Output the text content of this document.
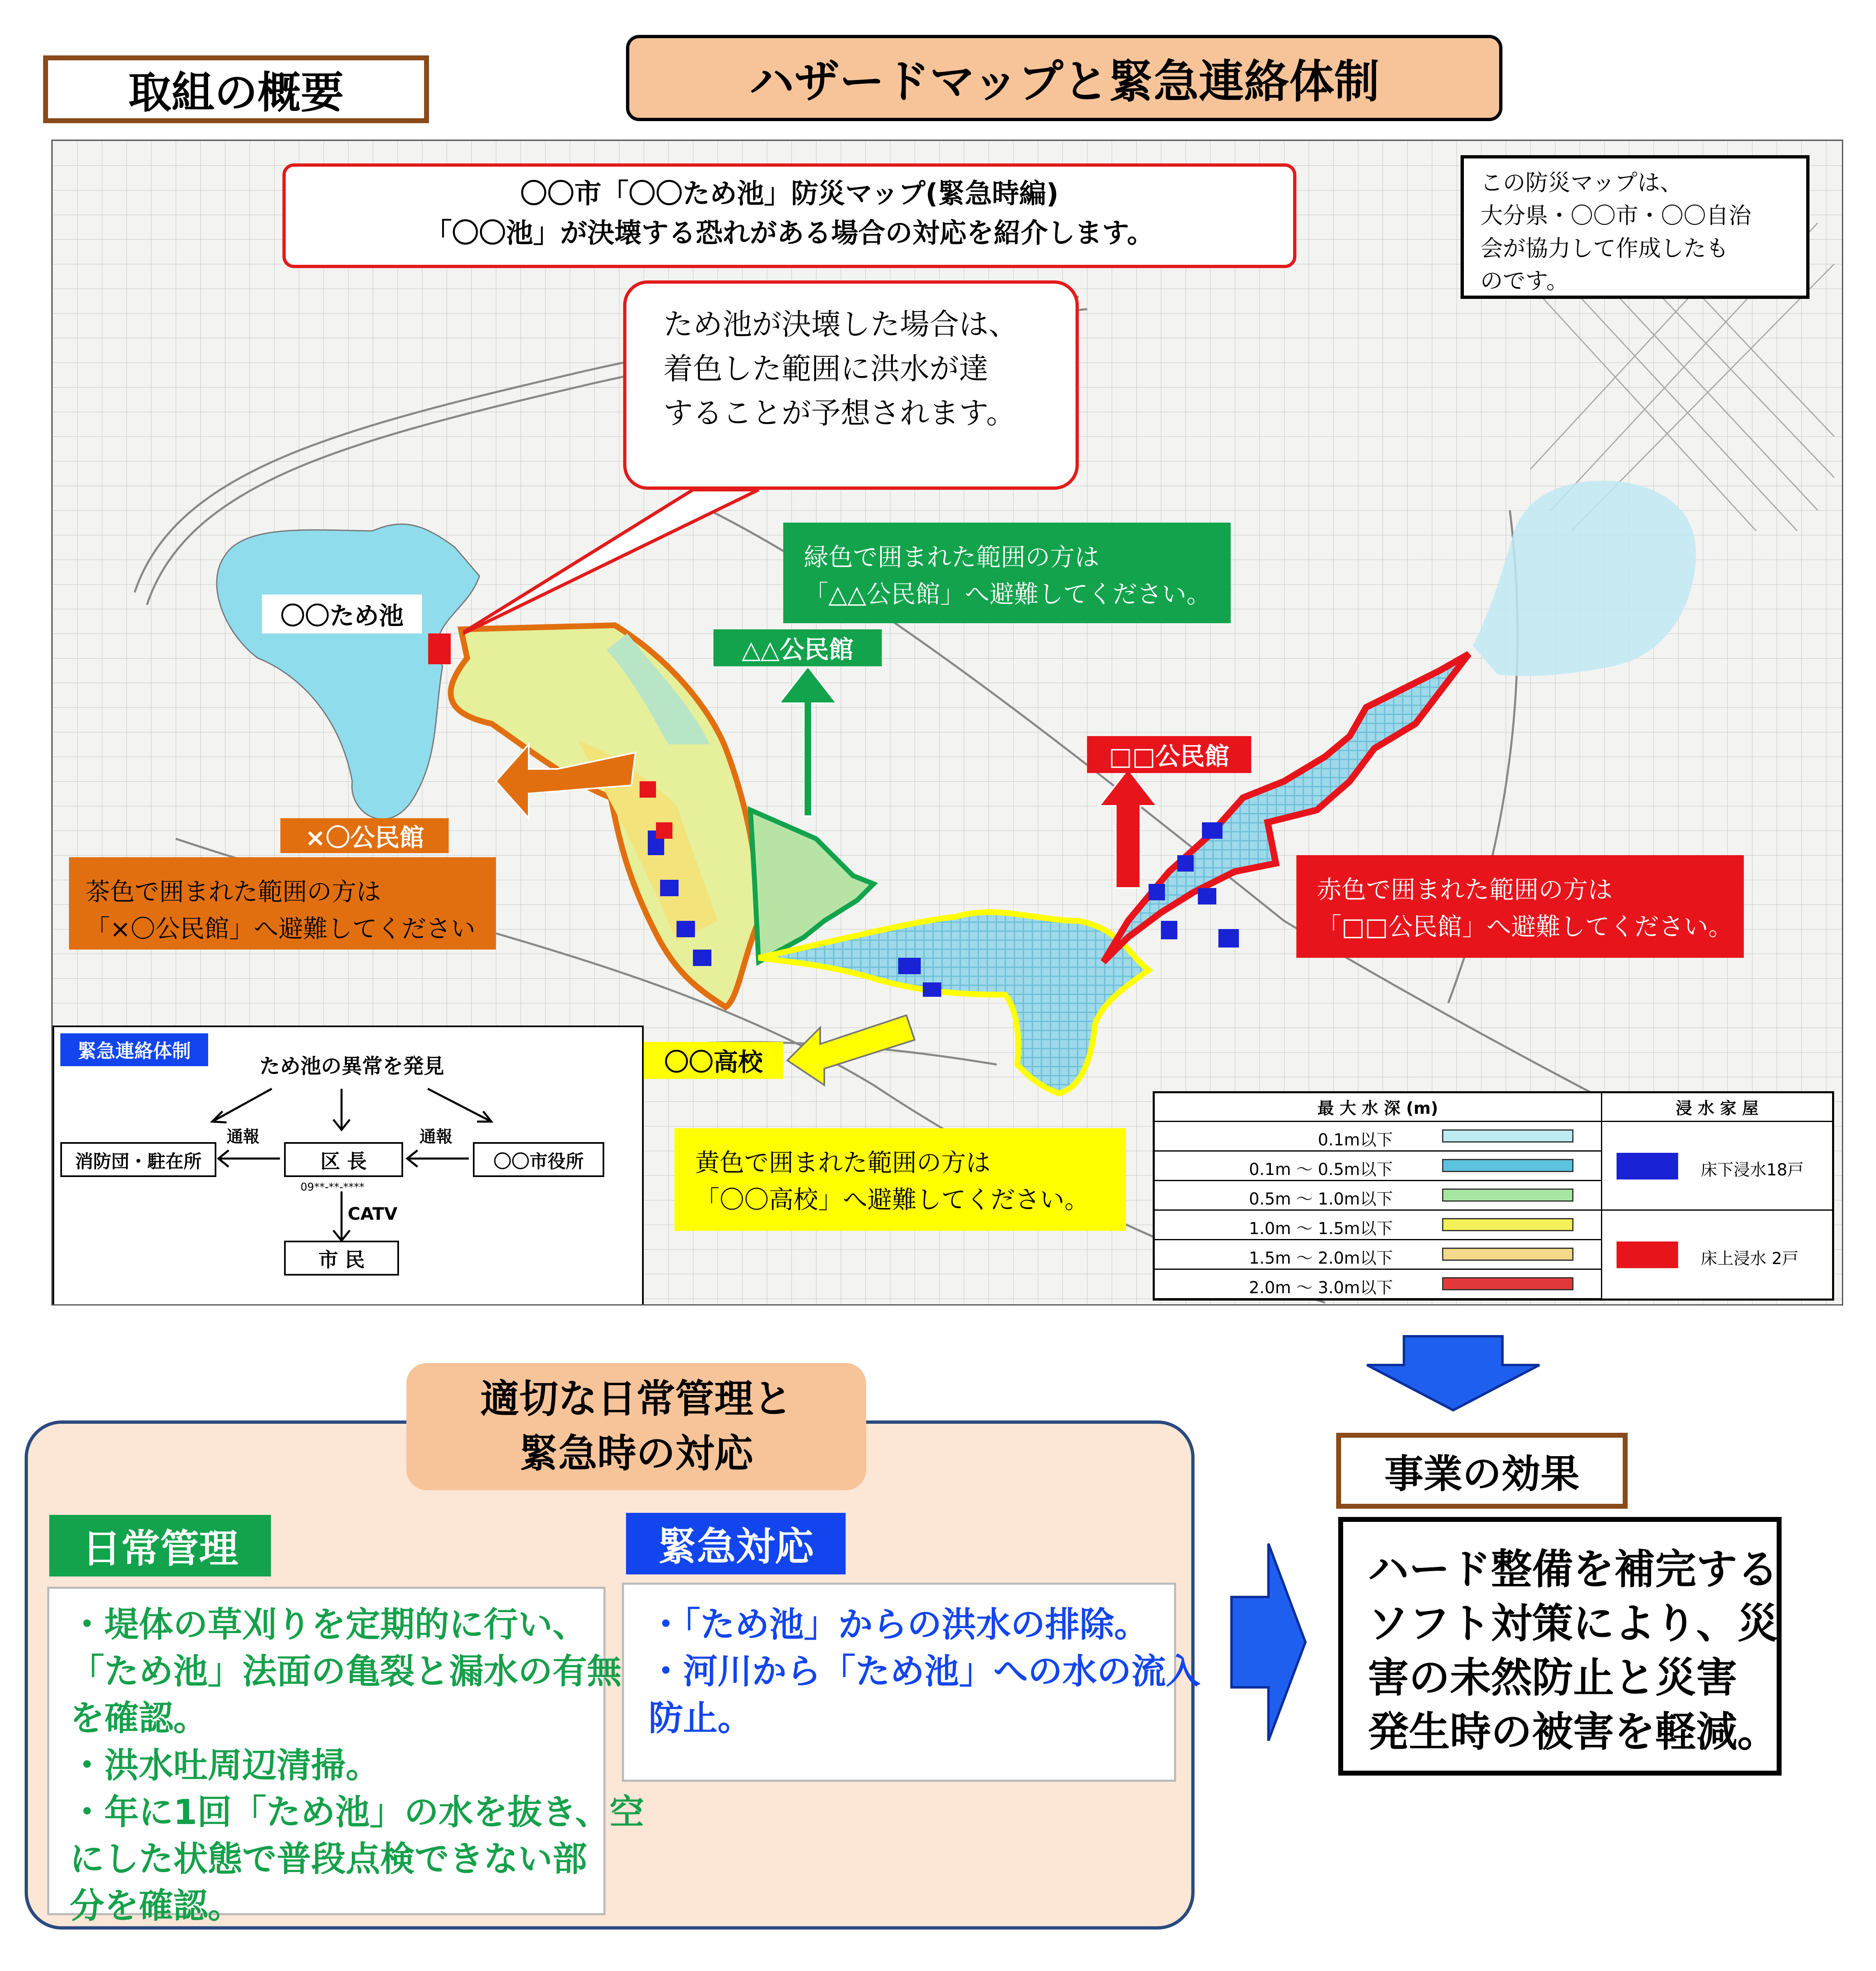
取組の概要	ハザードマップと緊急連絡体制
〇〇市「〇〇ため池」防災マップ(緊急時編)
「〇〇池」が決壊する恐れがある場合の対応を紹介します。
この防災マップは、
大分県・〇〇市・〇〇自治
会が協力して作成したも
のです。
ため池が決壊した場合は、
着色した範囲に洪水が達
することが予想されます。
〇〇ため池
緑色で囲まれた範囲の方は
「△△公民館」へ避難してください。
△△公民館
×〇公民館
茶色で囲まれた範囲の方は
「×〇公民館」へ避難してください
□□公民館
赤色で囲まれた範囲の方は
「□□公民館」へ避難してください。
〇〇高校
黄色で囲まれた範囲の方は
「〇〇高校」へ避難してください。
緊急連絡体制
ため池の異常を発見
消防団・駐在所	区 長	〇〇市役所
通報	通報
09**-**-****
CATV
市 民
最 大 水 深 (m)	浸 水 家 屋
0.1m以下
0.1m 〜 0.5m以下
0.5m 〜 1.0m以下
1.0m 〜 1.5m以下
1.5m 〜 2.0m以下
2.0m 〜 3.0m以下
床下浸水18戸
床上浸水 2戸
事業の効果
ハード整備を補完する
ソフト対策により、災
害の未然防止と災害
発生時の被害を軽減。
適切な日常管理と
緊急時の対応
日常管理	緊急対応
・堤体の草刈りを定期的に行い、
「ため池」法面の亀裂と漏水の有無
を確認。
・洪水吐周辺清掃。
・年に1回「ため池」の水を抜き、空
にした状態で普段点検できない部
分を確認。
・「ため池」からの洪水の排除。
・河川から「ため池」への水の流入
防止。
